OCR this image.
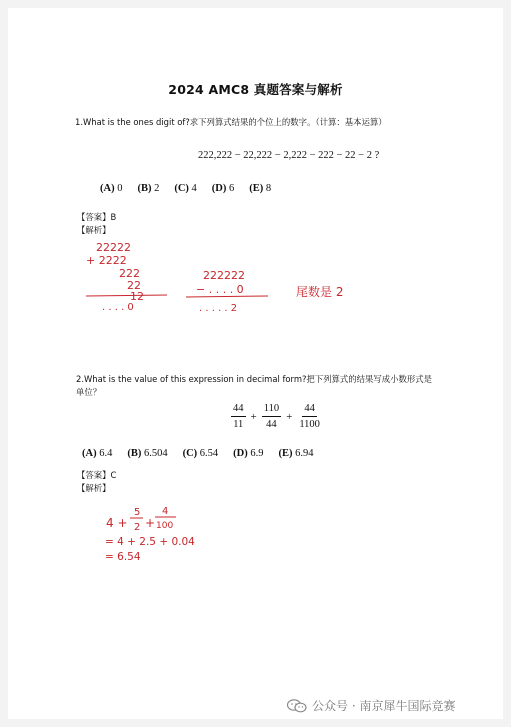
2024 AMC8 真题答案与解析
1.What is the ones digit of?求下列算式结果的个位上的数字。（计算：基本运算）
222,222 − 22,222 − 2,222 − 222 − 22 − 2 ?
(A) 0 (B) 2 (C) 4 (D) 6 (E) 8
【答案】B
【解析】
22222
+ 2222
222
22
12
. . . . 0
222222
− . . . . 0
. . . . . 2
尾数是 2
2.What is the value of this expression in decimal form?把下列算式的结果写成小数形式是单位？
$\frac{44}{11} + \frac{110}{44} + \frac{44}{1100}$
(A) 6.4 (B) 6.504 (C) 6.54 (D) 6.9 (E) 6.94
【答案】C
【解析】
4 +
5
2 +
4
100
= 4 + 2.5 + 0.04
= 6.54
公众号 · 南京犀牛国际竞赛
